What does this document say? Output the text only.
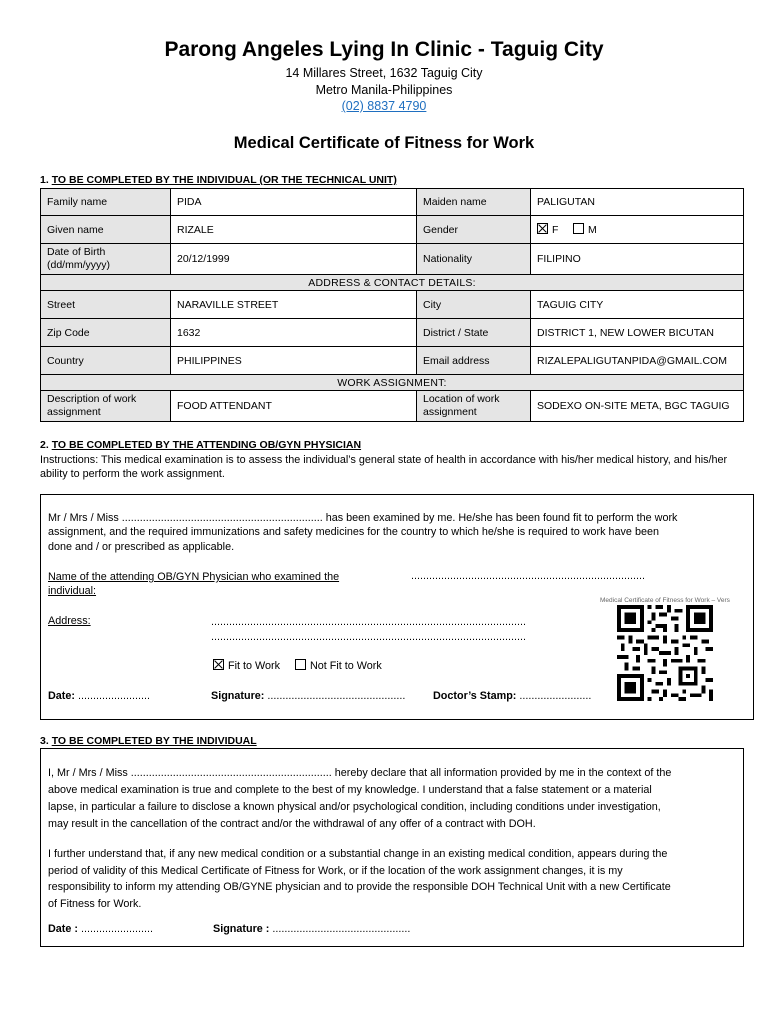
Parong Angeles Lying In Clinic - Taguig City
14 Millares Street, 1632 Taguig City
Metro Manila-Philippines
(02) 8837 4790
Medical Certificate of Fitness for Work
1. TO BE COMPLETED BY THE INDIVIDUAL (OR THE TECHNICAL UNIT)
Family name	PIDA	Maiden name	PALIGUTAN
Given name	RIZALE	Gender	F M
Date of Birth (dd/mm/yyyy)	20/12/1999	Nationality	FILIPINO
ADDRESS & CONTACT DETAILS:			
Street	NARAVILLE STREET	City	TAGUIG CITY
Zip Code	1632	District / State	DISTRICT 1, NEW LOWER BICUTAN
Country	PHILIPPINES	Email address	RIZALEPALIGUTANPIDA@GMAIL.COM
WORK ASSIGNMENT:			
Description of work assignment	FOOD ATTENDANT	Location of work assignment	SODEXO ON-SITE META, BGC TAGUIG
2. TO BE COMPLETED BY THE ATTENDING OB/GYN PHYSICIAN
Instructions: This medical examination is to assess the individual’s general state of health in accordance with his/her medical history, and his/her ability to perform the work assignment.
Mr / Mrs / Miss ................................................................... has been examined by me. He/she has been found fit to perform the work
assignment, and the required immunizations and safety medicines for the country to which he/she is required to work have been
done and / or prescribed as applicable.
Name of the attending OB/GYN Physician who examined the
individual:
..............................................................................
Address:	.........................................................................................................
.........................................................................................................
Fit to Work	Not Fit to Work
Date: ........................	Signature: ..............................................	Doctor’s Stamp: ........................
Medical Certificate of Fitness for Work – Vers
3. TO BE COMPLETED BY THE INDIVIDUAL
I, Mr / Mrs / Miss ................................................................... hereby declare that all information provided by me in the context of the
above medical examination is true and complete to the best of my knowledge. I understand that a false statement or a material
lapse, in particular a failure to disclose a known physical and/or psychological condition, including conditions under investigation,
may result in the cancellation of the contract and/or the withdrawal of any offer of a contract with DOH.
I further understand that, if any new medical condition or a substantial change in an existing medical condition, appears during the
period of validity of this Medical Certificate of Fitness for Work, or if the location of the work assignment changes, it is my
responsibility to inform my attending OB/GYNE physician and to provide the responsible DOH Technical Unit with a new Certificate
of Fitness for Work.
Date : ........................	Signature : ..............................................
